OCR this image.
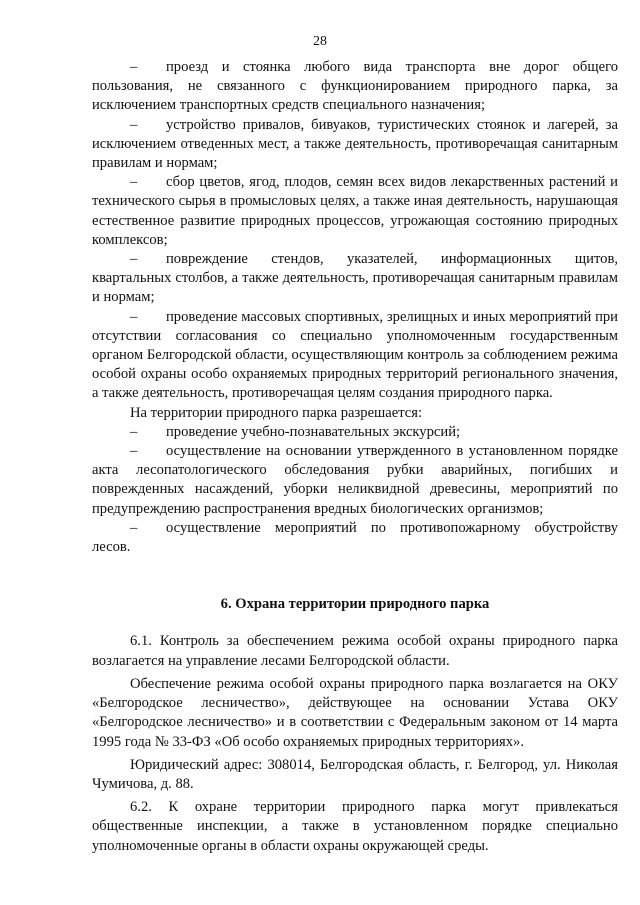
28

– проезд и стоянка любого вида транспорта вне дорог общего пользования, не связанного с функционированием природного парка, за исключением транспортных средств специального назначения;

– устройство привалов, бивуаков, туристических стоянок и лагерей, за исключением отведенных мест, а также деятельность, противоречащая санитарным правилам и нормам;

– сбор цветов, ягод, плодов, семян всех видов лекарственных растений и технического сырья в промысловых целях, а также иная деятельность, нарушающая естественное развитие природных процессов, угрожающая состоянию природных комплексов;

– повреждение стендов, указателей, информационных щитов, квартальных столбов, а также деятельность, противоречащая санитарным правилам и нормам;

– проведение массовых спортивных, зрелищных и иных мероприятий при отсутствии согласования со специально уполномоченным государственным органом Белгородской области, осуществляющим контроль за соблюдением режима особой охраны особо охраняемых природных территорий регионального значения, а также деятельность, противоречащая целям создания природного парка.

На территории природного парка разрешается:

– проведение учебно-познавательных экскурсий;

– осуществление на основании утвержденного в установленном порядке акта лесопатологического обследования рубки аварийных, погибших и поврежденных насаждений, уборки неликвидной древесины, мероприятий по предупреждению распространения вредных биологических организмов;

– осуществление мероприятий по противопожарному обустройству лесов.

6. Охрана территории природного парка

6.1. Контроль за обеспечением режима особой охраны природного парка возлагается на управление лесами Белгородской области.

Обеспечение режима особой охраны природного парка возлагается на ОКУ «Белгородское лесничество», действующее на основании Устава ОКУ «Белгородское лесничество» и в соответствии с Федеральным законом от 14 марта 1995 года № 33-ФЗ «Об особо охраняемых природных территориях».

Юридический адрес: 308014, Белгородская область, г. Белгород, ул. Николая Чумичова, д. 88.

6.2. К охране территории природного парка могут привлекаться общественные инспекции, а также в установленном порядке специально уполномоченные органы в области охраны окружающей среды.
